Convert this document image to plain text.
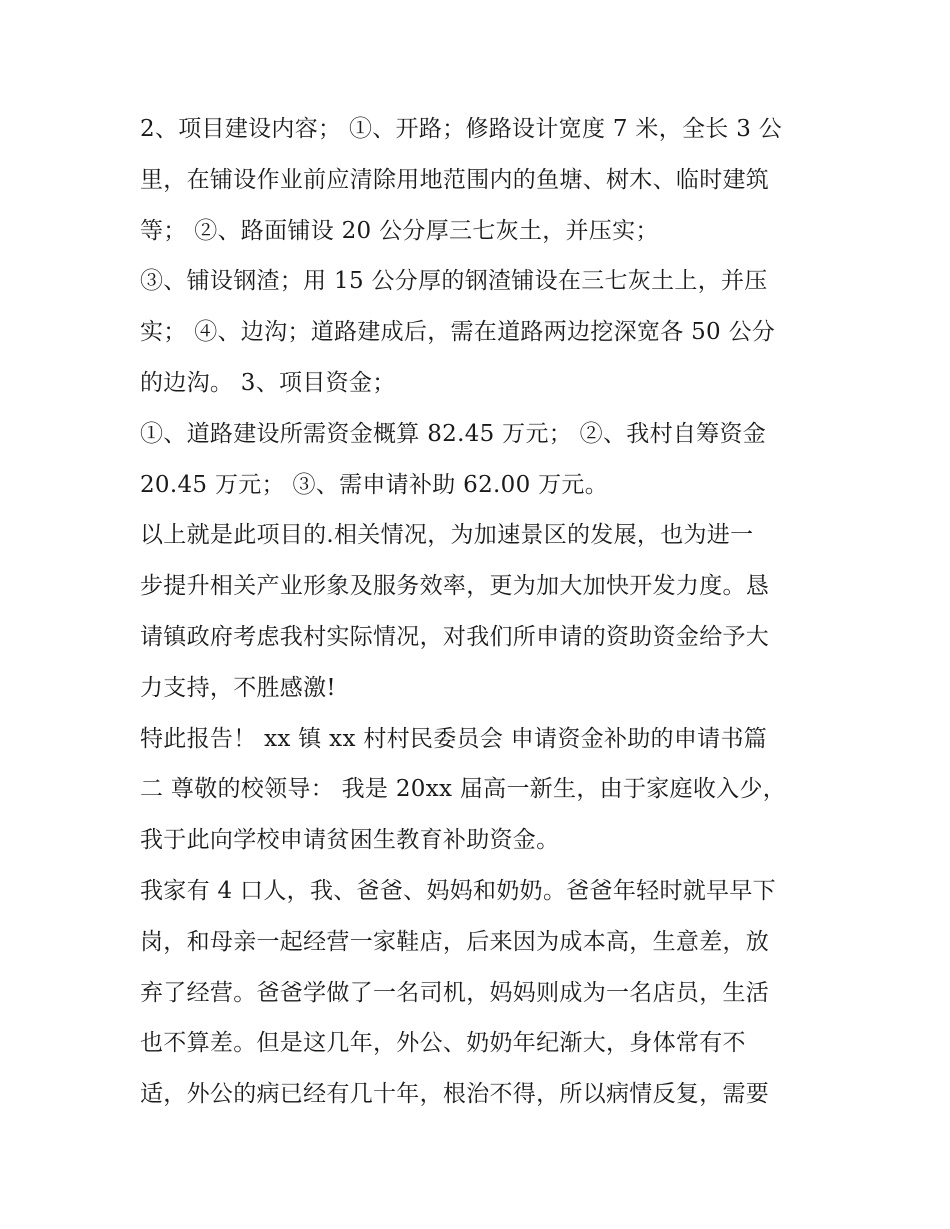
2、项目建设内容； ①、开路；修路设计宽度 7 米，全长 3 公
里，在铺设作业前应清除用地范围内的鱼塘、树木、临时建筑
等； ②、路面铺设 20 公分厚三七灰土，并压实；
③、铺设钢渣；用 15 公分厚的钢渣铺设在三七灰土上，并压
实； ④、边沟；道路建成后，需在道路两边挖深宽各 50 公分
的边沟。 3、项目资金；
①、道路建设所需资金概算 82.45 万元； ②、我村自筹资金
20.45 万元； ③、需申请补助 62.00 万元。
以上就是此项目的.相关情况，为加速景区的发展，也为进一
步提升相关产业形象及服务效率，更为加大加快开发力度。恳
请镇政府考虑我村实际情况，对我们所申请的资助资金给予大
力支持，不胜感激!
特此报告！ xx 镇 xx 村村民委员会 申请资金补助的申请书篇
二 尊敬的校领导： 我是 20xx 届高一新生，由于家庭收入少，
我于此向学校申请贫困生教育补助资金。
我家有 4 口人，我、爸爸、妈妈和奶奶。爸爸年轻时就早早下
岗，和母亲一起经营一家鞋店，后来因为成本高，生意差，放
弃了经营。爸爸学做了一名司机，妈妈则成为一名店员，生活
也不算差。但是这几年，外公、奶奶年纪渐大，身体常有不
适，外公的病已经有几十年，根治不得，所以病情反复，需要
